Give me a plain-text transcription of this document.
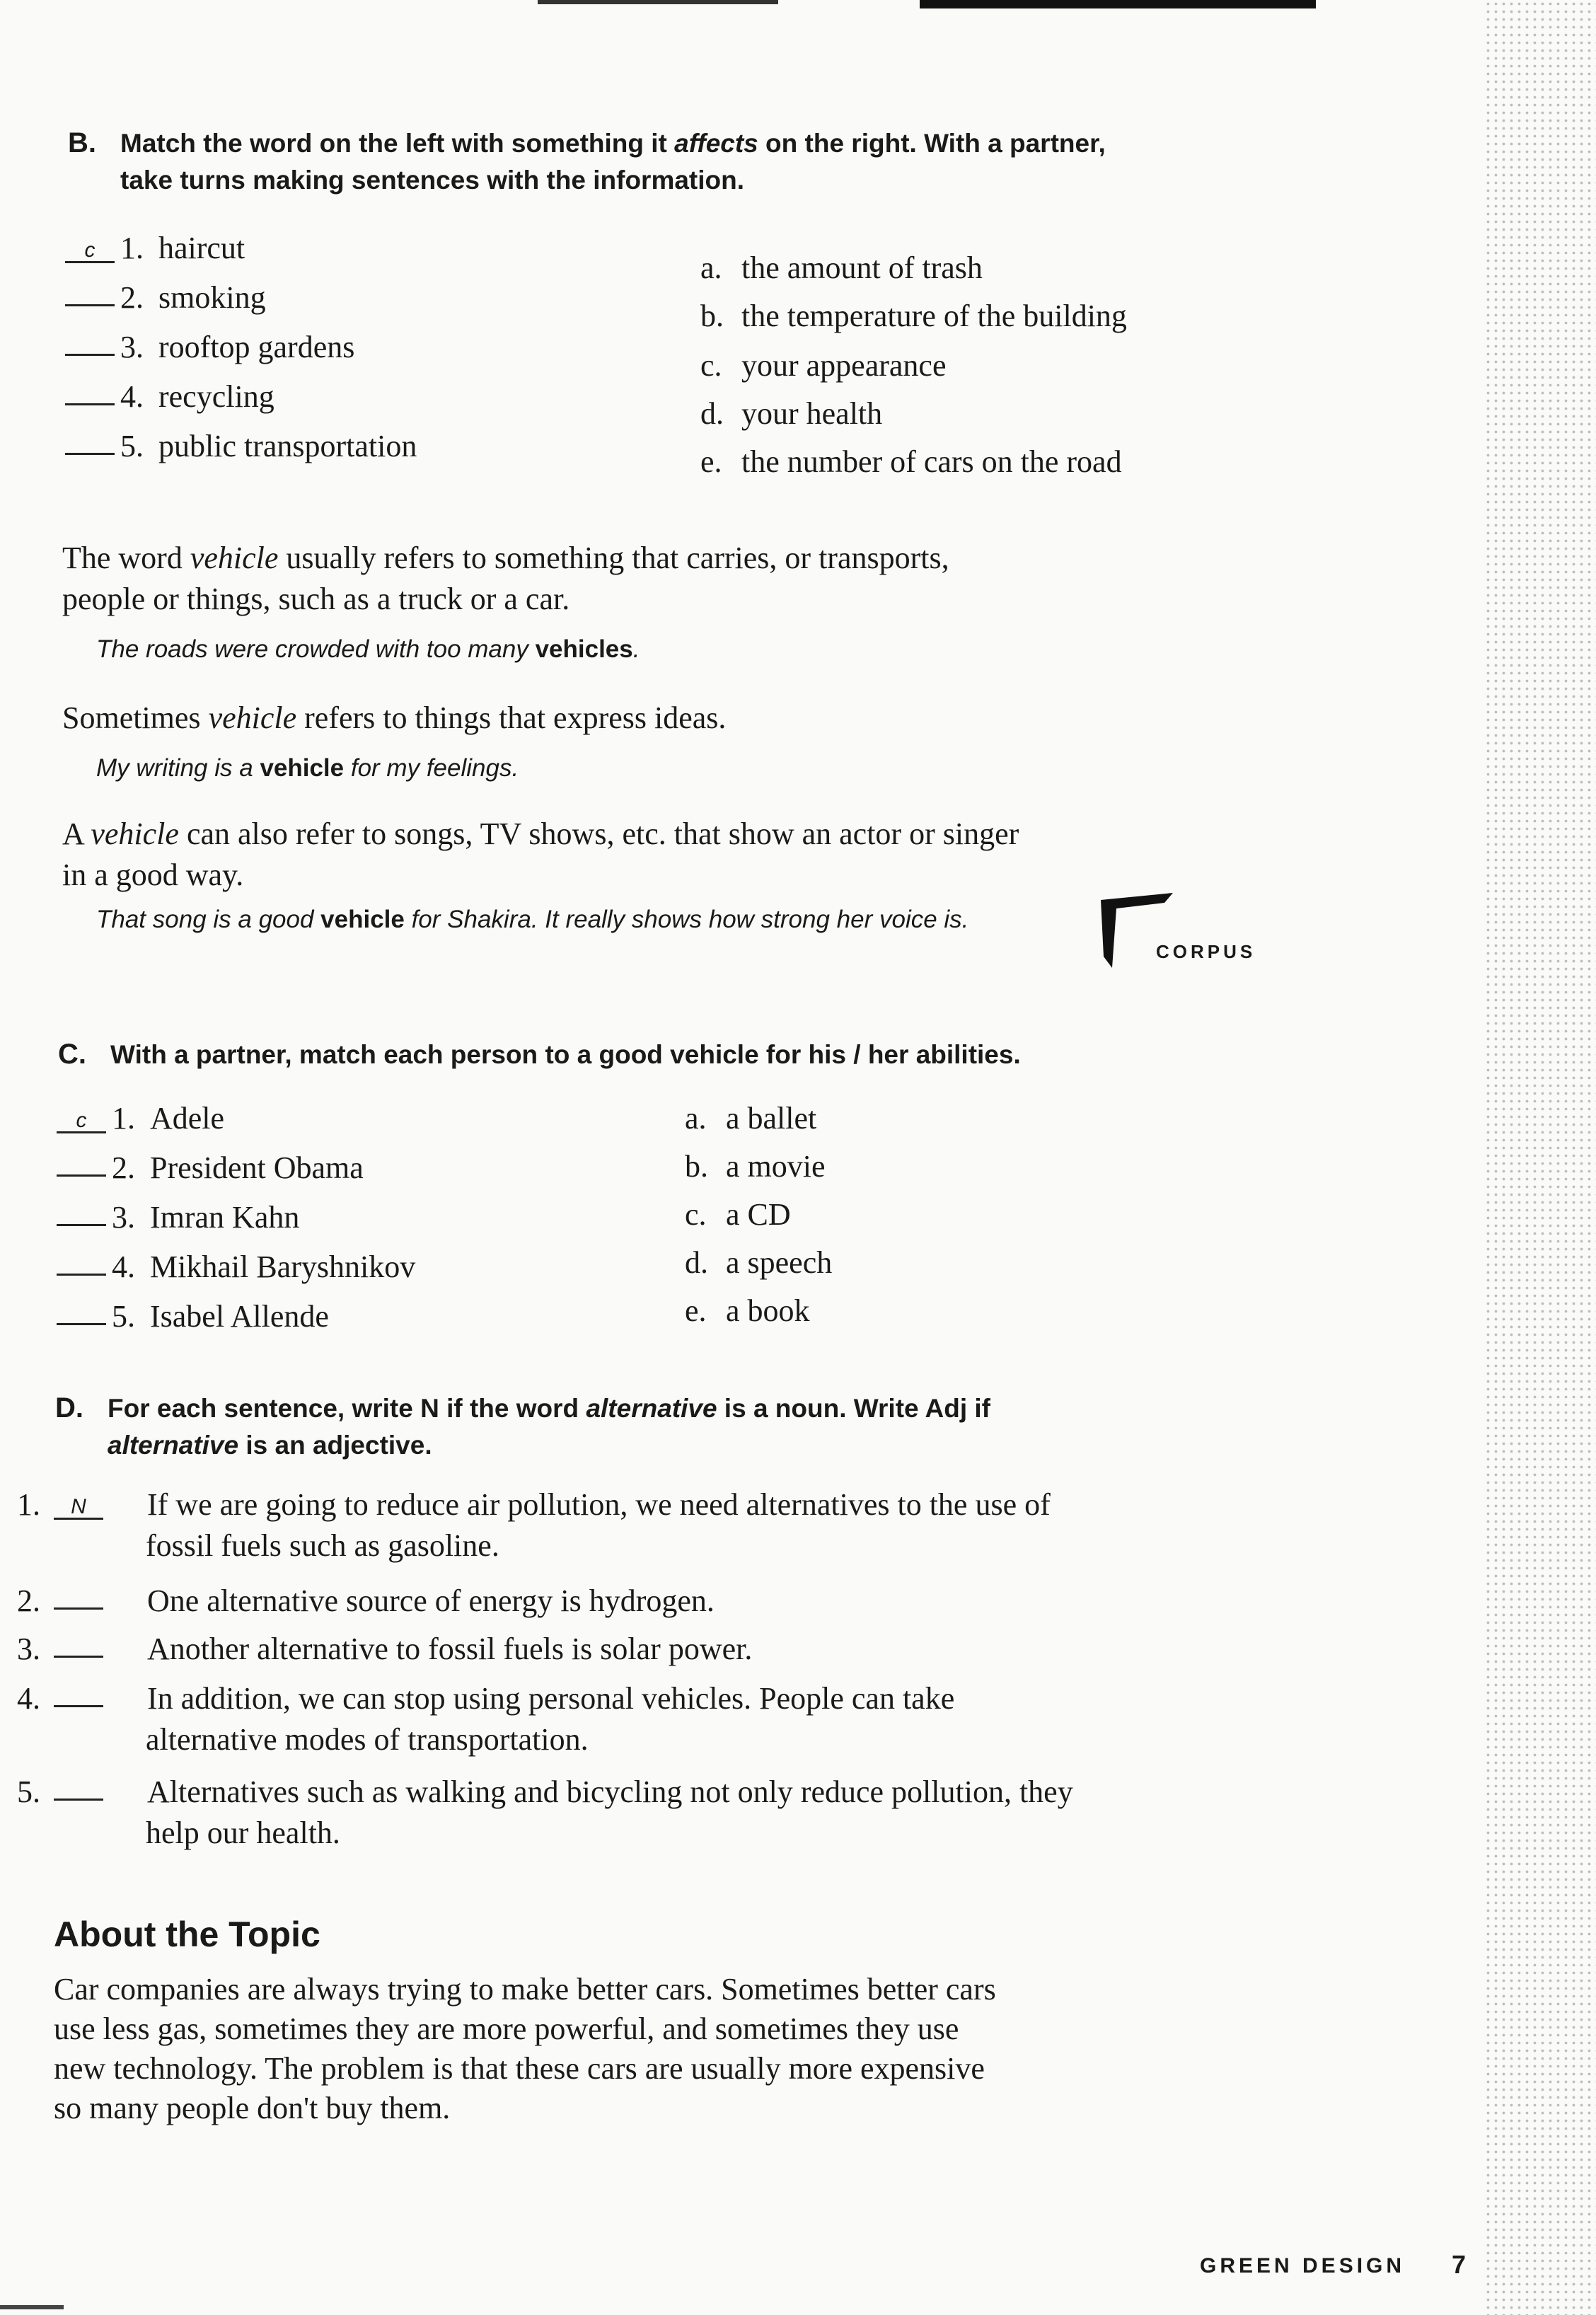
B. Match the word on the left with something it affects on the right. With a partner,
take turns making sentences with the information.
c 1. haircut
2. smoking
3. rooftop gardens
4. recycling
5. public transportation
a. the amount of trash
b. the temperature of the building
c. your appearance
d. your health
e. the number of cars on the road
The word vehicle usually refers to something that carries, or transports,
people or things, such as a truck or a car.
The roads were crowded with too many vehicles.
Sometimes vehicle refers to things that express ideas.
My writing is a vehicle for my feelings.
A vehicle can also refer to songs, TV shows, etc. that show an actor or singer
in a good way.
That song is a good vehicle for Shakira. It really shows how strong her voice is.
CORPUS
C. With a partner, match each person to a good vehicle for his / her abilities.
c 1. Adele
2. President Obama
3. Imran Kahn
4. Mikhail Baryshnikov
5. Isabel Allende
a. a ballet
b. a movie
c. a CD
d. a speech
e. a book
D. For each sentence, write N if the word alternative is a noun. Write Adj if
alternative is an adjective.
N1.	If we are going to reduce air pollution, we need alternatives to the use of
fossil fuels such as gasoline.
2.	One alternative source of energy is hydrogen.
3.	Another alternative to fossil fuels is solar power.
4.	In addition, we can stop using personal vehicles. People can take
alternative modes of transportation.
5.	Alternatives such as walking and bicycling not only reduce pollution, they
help our health.
About the Topic
Car companies are always trying to make better cars. Sometimes better cars
use less gas, sometimes they are more powerful, and sometimes they use
new technology. The problem is that these cars are usually more expensive
so many people don't buy them.
GREEN DESIGN 7
